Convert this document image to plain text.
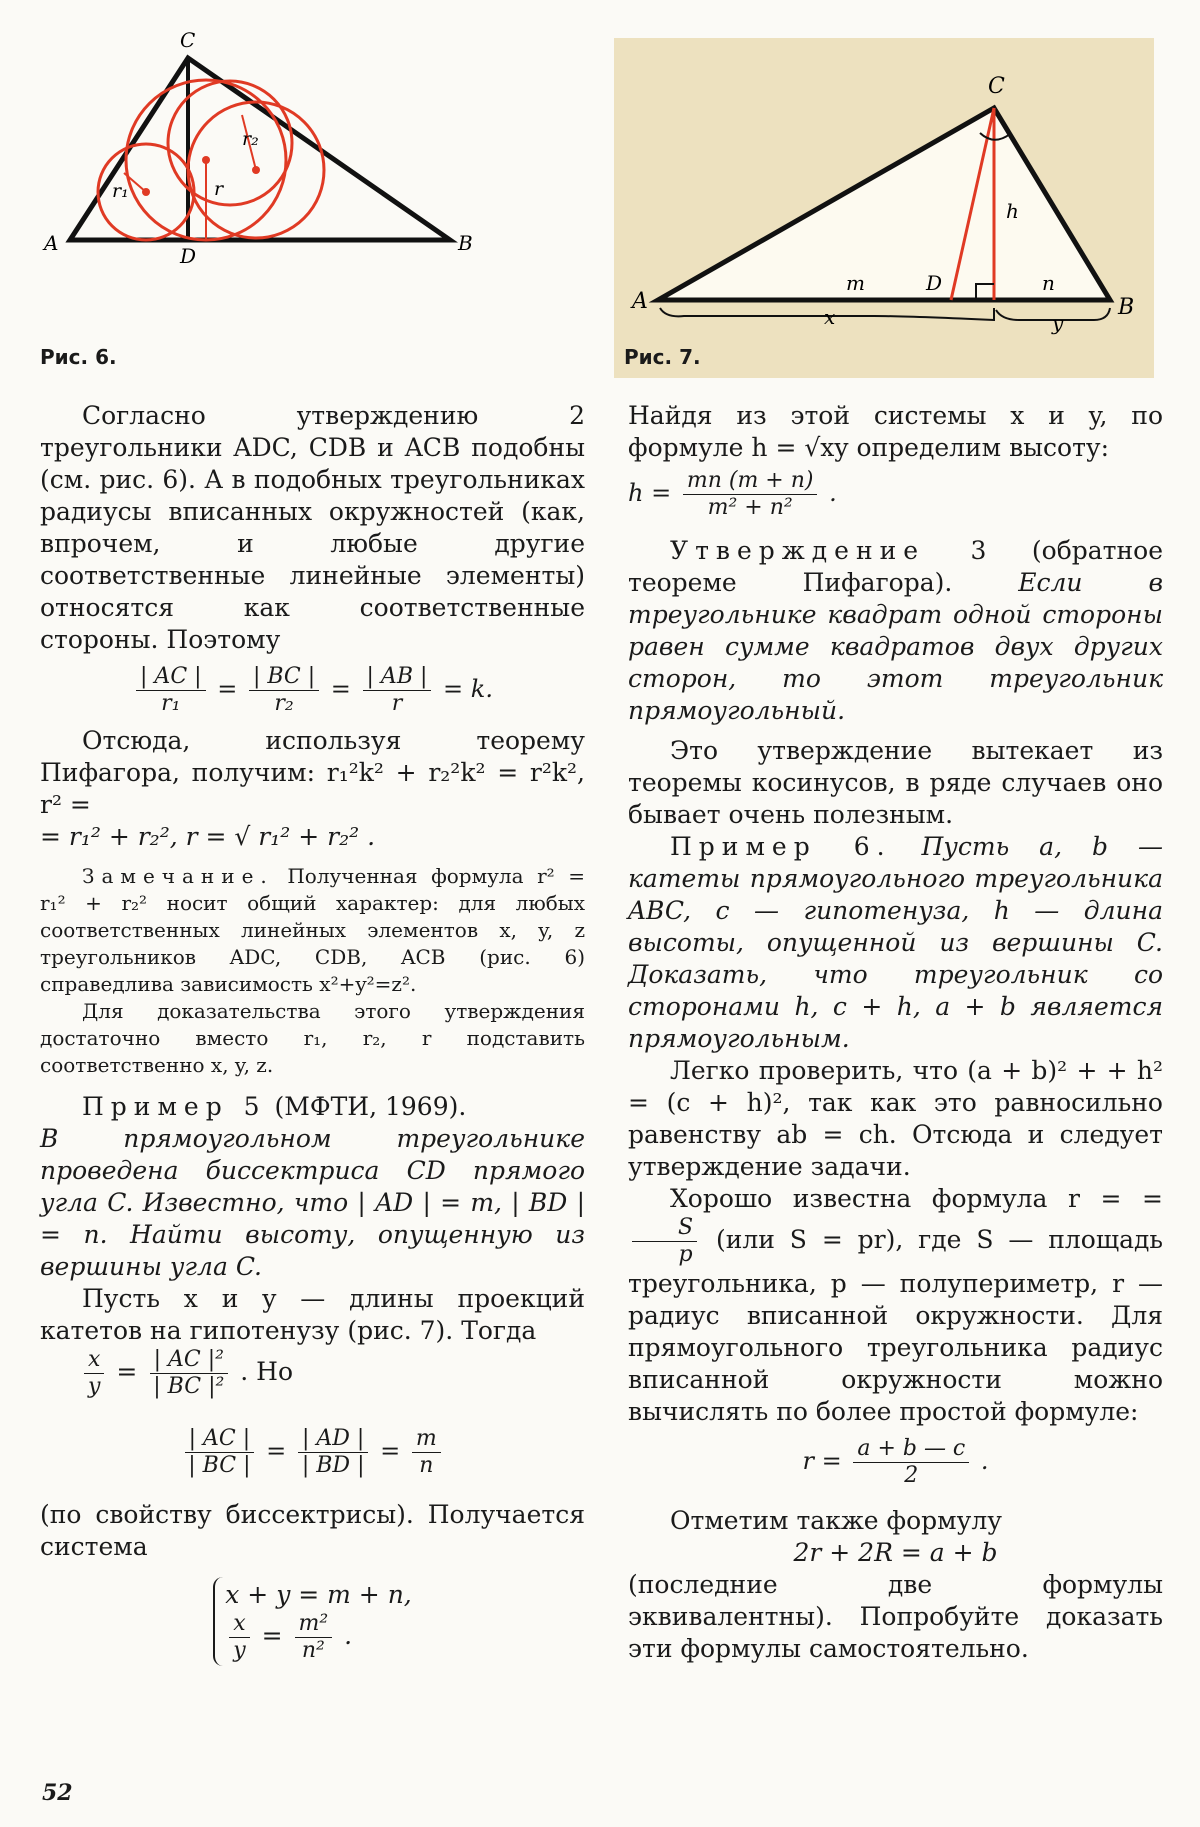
C
A	B
D
r₁	r
r₂
Рис. 6.
C
A	B
D
m	n
h
x	y
Рис. 7.

Согласно утверждению 2 треугольники ADC, CDB и ACB подобны (см. рис. 6). А в подобных треугольниках радиусы вписанных окружностей (как, впрочем, и любые другие соответственные линейные элементы) относятся как соответственные стороны. Поэтому

$\frac{| AC |}{\text{r₁}} = \frac{| BC |}{\text{r₂}} = \frac{| AB |}{r} = k$.

Отсюда, используя теорему Пифагора, получим: r₁²k² + r₂²k² = r²k², r² =

= r₁² + r₂², r = √ r₁² + r₂² .

Замечание. Полученная формула r² = r₁² + r₂² носит общий характер: для любых соответственных линейных элементов x, y, z треугольников ADC, CDB, ACB (рис. 6) справедлива зависимость x²+y²=z².

Для доказательства этого утверждения достаточно вместо r₁, r₂, r подставить соответственно x, y, z.

Пример 5 (МФТИ, 1969).

В прямоугольном треугольнике проведена биссектриса CD прямого угла C. Известно, что | AD | = m, | BD | = n. Найти высоту, опущенную из вершины угла C.

Пусть x и y — длины проекций катетов на гипотенузу (рис. 7). Тогда

$\frac{x}{y} = \frac{\text{| AC |²}}{\text{| BC |²}}$ . Но
$\frac{| AC |}{| BC |} = \frac{| AD |}{| BD |} = \frac{m}{n}$

(по свойству биссектрисы). Получается система

x + y = m + n,
$\frac{x}{y} = \frac{\text{m²}}{\text{n²}}$ .

Найдя из этой системы x и y, по формуле h = √xy определим высоту:

$h = \frac{mn (m + n)}{\text{m² + n²}}$ .

Утверждение 3 (обратное теореме Пифагора). Если в треугольнике квадрат одной стороны равен сумме квадратов двух других сторон, то этот треугольник прямоугольный.

Это утверждение вытекает из теоремы косинусов, в ряде случаев оно бывает очень полезным.

Пример 6. Пусть a, b — катеты прямоугольного треугольника ABC, c — гипотенуза, h — длина высоты, опущенной из вершины C. Доказать, что треугольник со сторонами h, c + h, a + b является прямоугольным.

Легко проверить, что (a + b)² + + h² = (c + h)², так как это равносильно равенству ab = ch. Отсюда и следует утверждение задачи.

Хорошо известна формула r = =
$\frac{S}{p} (или$ S = pr), где S — площадь треугольника, p — полупериметр, r — радиус вписанной окружности. Для прямоугольного треугольника радиус вписанной окружности можно вычислять по более простой формуле:

$r = \frac{a + b — c}{2}$ .

Отметим также формулу

2r + 2R = a + b

(последние две формулы эквивалентны). Попробуйте доказать эти формулы самостоятельно.

52
